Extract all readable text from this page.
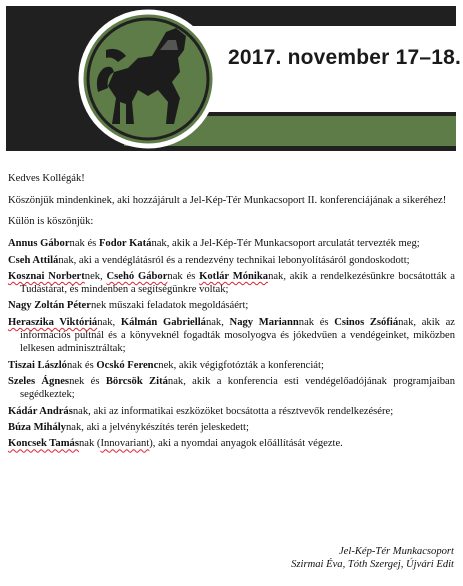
2017. november 17–18.

Kedves Kollégák!

Köszönjük mindenkinek, aki hozzájárult a Jel-Kép-Tér Munkacsoport II. konferenciájának a sikeréhez!

Külön is köszönjük:

Annus Gábornak és Fodor Katának, akik a Jel-Kép-Tér Munkacsoport arculatát tervezték meg;

Cseh Attilának, aki a vendéglátásról és a rendezvény technikai lebonyolításáról gondoskodott;

Kosznai Norbertnek, Csehó Gábornak és Kotlár Mónikanak, akik a rendelkezésünkre bocsátották a Tudástárat, és mindenben a segítségünkre voltak;

Nagy Zoltán Péternek műszaki feladatok megoldásáért;

Heraszika Viktóriának, Kálmán Gabriellának, Nagy Mariannnak és Csinos Zsófiának, akik az információs pultnál és a könyveknél fogadták mosolyogva és jókedvűen a vendégeinket, miközben lelkesen adminisztráltak;

Tiszai Lászlónak és Ocskó Ferencnek, akik végigfotózták a konferenciát;

Szeles Ágnesnek és Börcsök Zitának, akik a konferencia esti vendégelőadójának programjaiban segédkeztek;

Kádár Andrásnak, aki az informatikai eszközöket bocsátotta a résztvevők rendelkezésére;

Búza Mihálynak, aki a jelvénykészítés terén jeleskedett;

Koncsek Tamásnak (Innovariant), aki a nyomdai anyagok előállítását végezte.

Jel-Kép-Tér Munkacsoport
Szirmai Éva, Tóth Szergej, Újvári Edit
